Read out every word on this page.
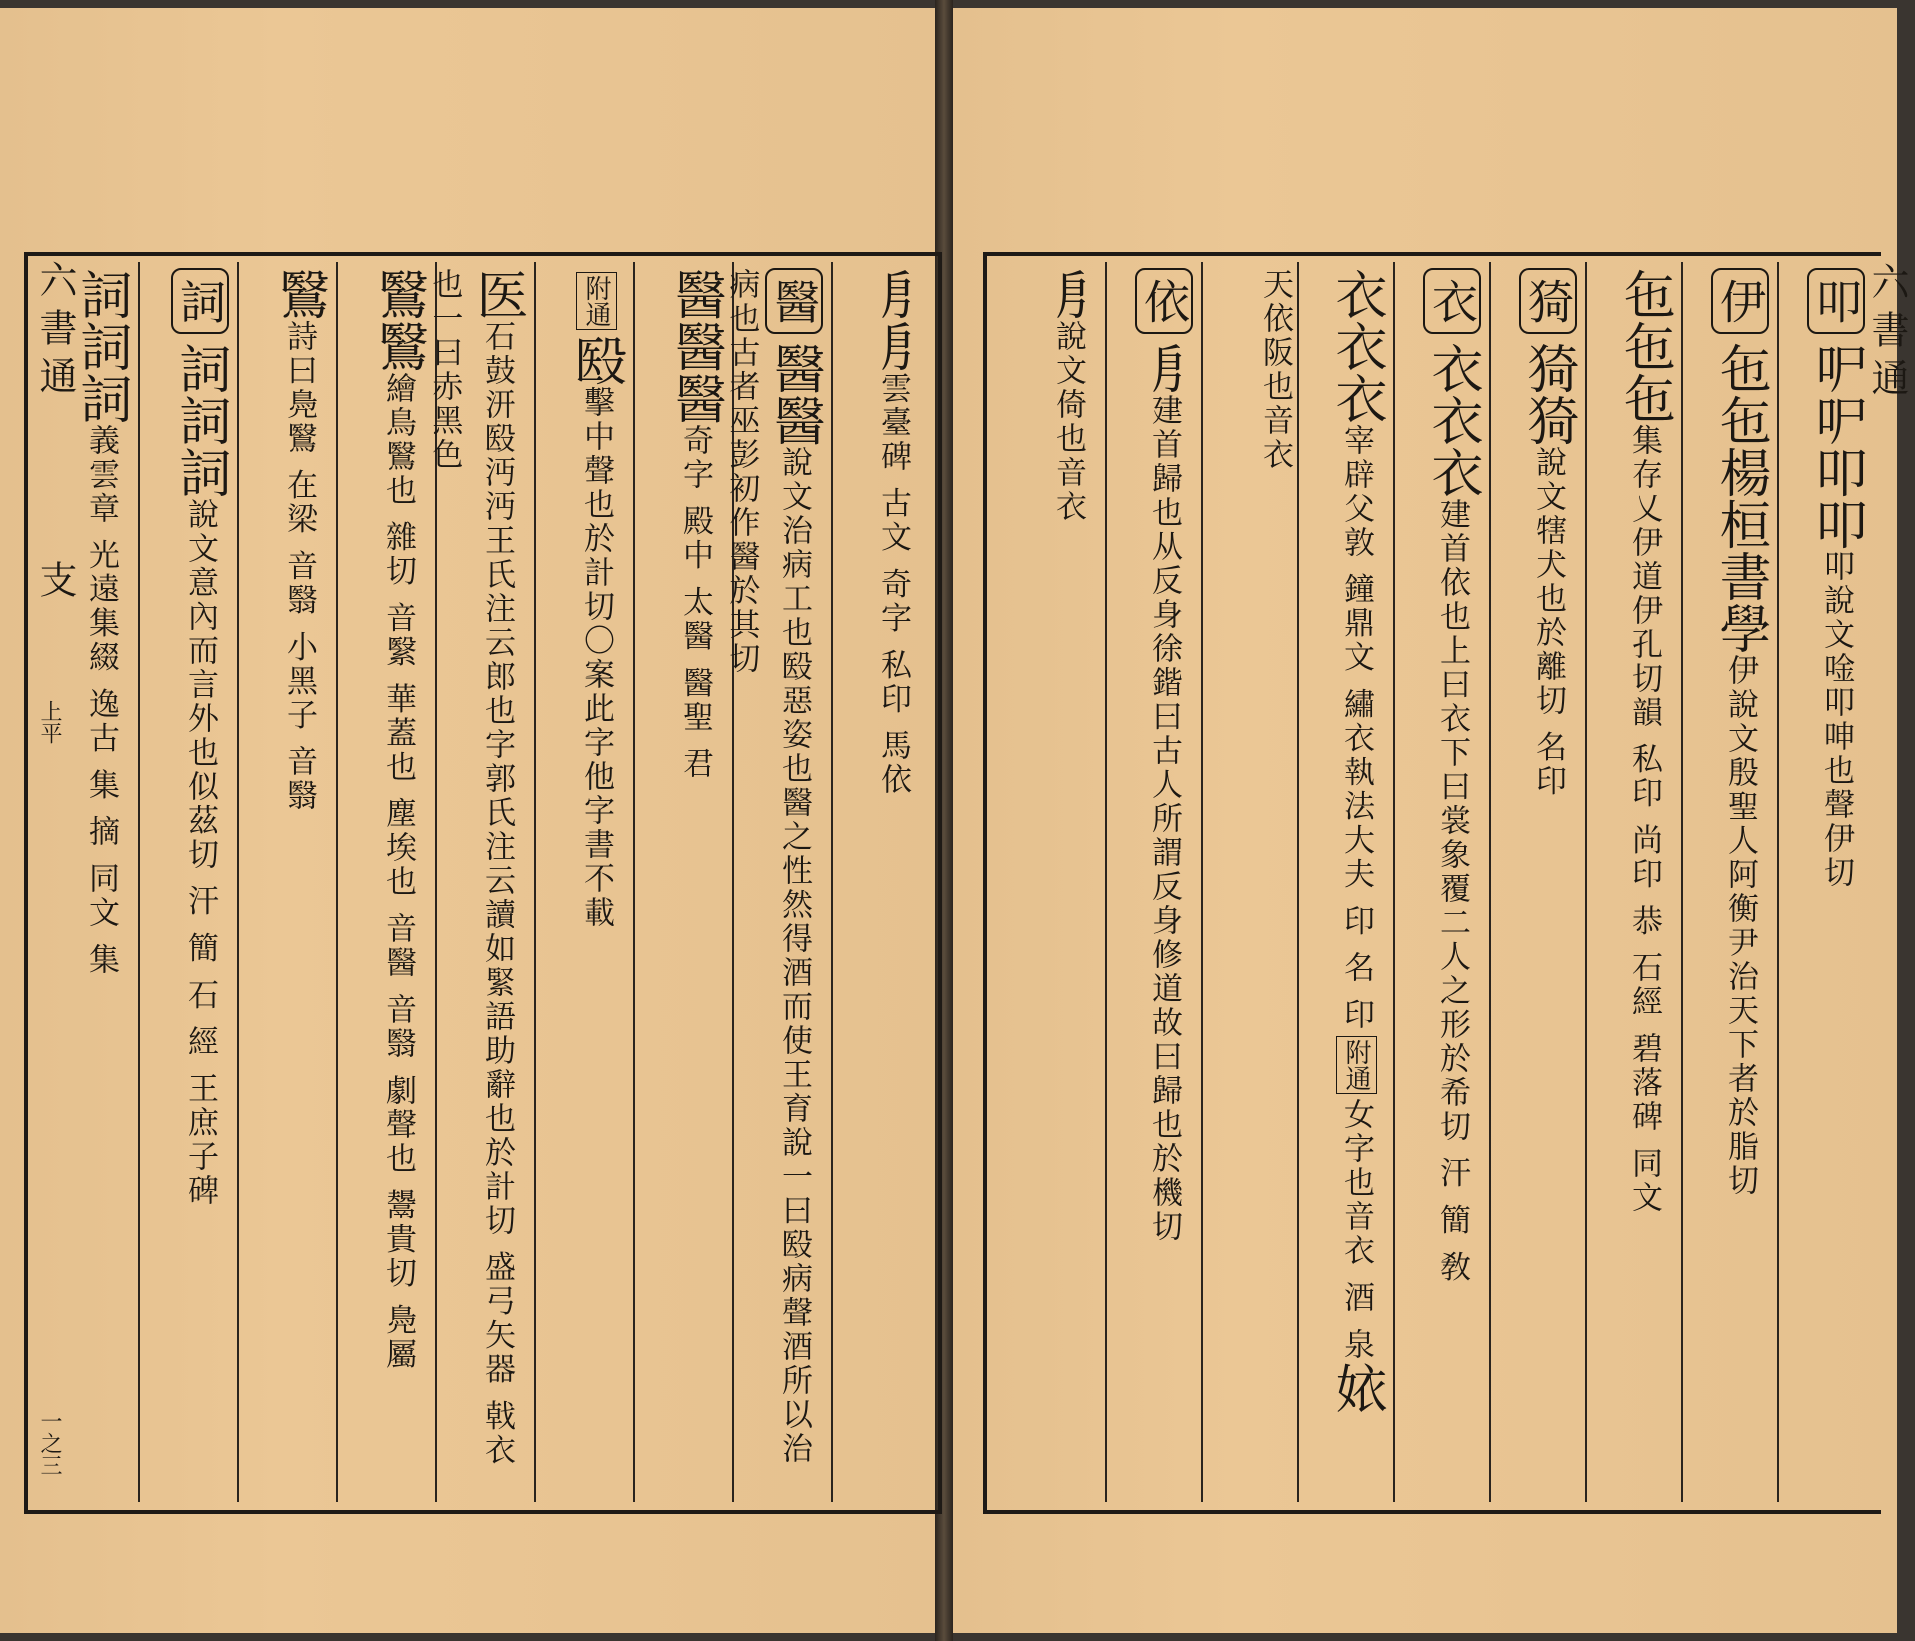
叩㕧㕧叩叩叩說文唫叩呻也聲伊切
伊㐌㐌楊桓書學伊說文殷聖人阿衡尹治天下者於脂切
㐌㐌㐌集存乂伊道伊孔切韻 私印 尚印 恭 石經 碧落碑 同文
猗猗猗說文犗犬也於離切 名印
衣衣衣衣建首依也上曰衣下曰裳象覆二人之形於希切 汗 簡 敎
衣衣衣宰辟父敦 鐘鼎文 繡衣執法大夫 印 名 印附通女字也音衣 酒 泉㛄
天依阪也音衣
依㐆建首歸也从反身徐鍇曰古人所謂反身修道故曰歸也於機切
㐆說文倚也音衣	六書通
㐆㐆雲臺碑 古文 奇字 私印 馬依
醫醫醫說文治病工也殹惡姿也醫之性然得酒而使王育說一曰殹病聲酒所以治病也古者巫彭初作醫於其切
醫醫醫奇字 殿中 太醫 醫聖 君
附通殹擊中聲也於計切〇案此字他字書不載
医石鼓汧殹沔沔王氏注云郎也字郭氏注云讀如緊語助辭也於計切 盛弓矢器 戟衣也一曰赤黑色
鷖鷖繪鳥鷖也 雜切 音繄 華蓋也 塵埃也 音醫 音翳 劇聲也 鬹貴切 鳧屬
鷖詩曰鳧鷖 在梁 音翳 小黑子 音翳
詞詞詞詞說文意內而言外也似茲切 汗 簡 石 經 王庶子碑
詞詞詞義雲章 光遠集綴 逸古 集 摘 同文 集
六書通
支
上平
一之三
